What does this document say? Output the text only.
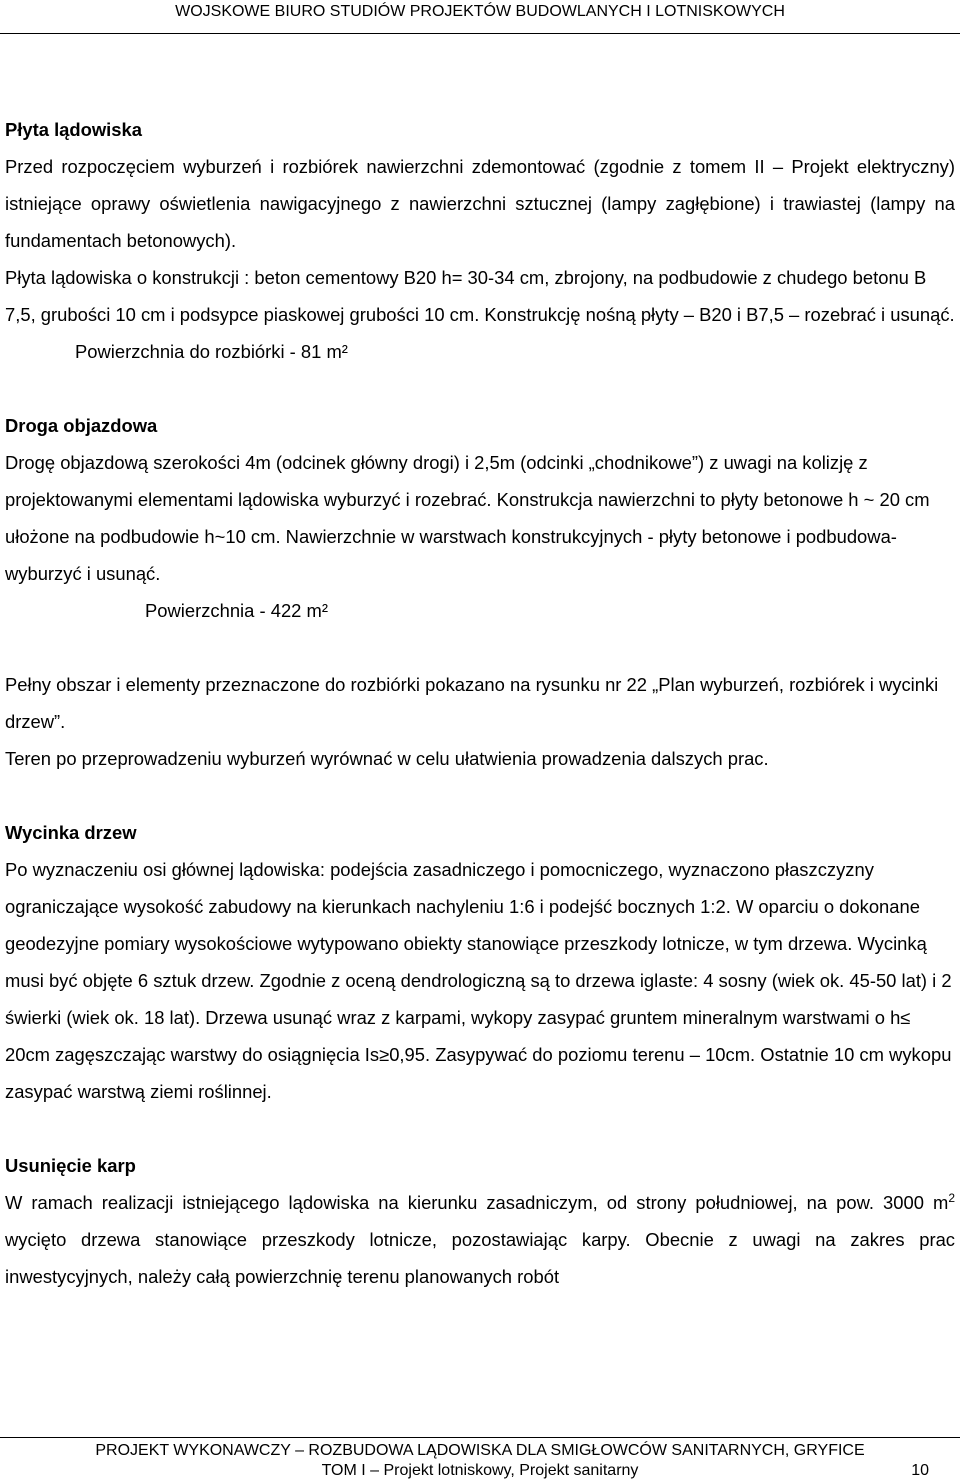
WOJSKOWE BIURO STUDIÓW PROJEKTÓW BUDOWLANYCH I LOTNISKOWYCH

Płyta lądowiska

Przed rozpoczęciem wyburzeń i rozbiórek nawierzchni zdemontować (zgodnie z tomem II – Projekt elektryczny) istniejące oprawy oświetlenia nawigacyjnego z nawierzchni sztucznej (lampy zagłębione) i trawiastej (lampy na fundamentach betonowych).

Płyta lądowiska o konstrukcji : beton cementowy B20 h= 30-34 cm, zbrojony, na podbudowie z chudego betonu B 7,5, grubości 10 cm i podsypce piaskowej grubości 10 cm. Konstrukcję nośną płyty – B20 i B7,5 – rozebrać i usunąć.

Powierzchnia do rozbiórki - 81 m²

Droga objazdowa

Drogę objazdową szerokości 4m (odcinek główny drogi) i 2,5m (odcinki „chodnikowe”) z uwagi na kolizję z projektowanymi elementami lądowiska wyburzyć i rozebrać. Konstrukcja nawierzchni to płyty betonowe h ~ 20 cm ułożone na podbudowie h~10 cm. Nawierzchnie w warstwach konstrukcyjnych - płyty betonowe i podbudowa- wyburzyć i usunąć.

Powierzchnia - 422 m²

Pełny obszar i elementy przeznaczone do rozbiórki pokazano na rysunku nr 22 „Plan wyburzeń, rozbiórek i wycinki drzew”.

Teren po przeprowadzeniu wyburzeń wyrównać w celu ułatwienia prowadzenia dalszych prac.

Wycinka drzew

Po wyznaczeniu osi głównej lądowiska: podejścia zasadniczego i pomocniczego, wyznaczono płaszczyzny ograniczające wysokość zabudowy na kierunkach nachyleniu 1:6 i podejść bocznych 1:2. W oparciu o dokonane geodezyjne pomiary wysokościowe wytypowano obiekty stanowiące przeszkody lotnicze, w tym drzewa. Wycinką musi być objęte 6 sztuk drzew. Zgodnie z oceną dendrologiczną są to drzewa iglaste: 4 sosny (wiek ok. 45-50 lat) i 2 świerki (wiek ok. 18 lat). Drzewa usunąć wraz z karpami, wykopy zasypać gruntem mineralnym warstwami o h≤ 20cm zagęszczając warstwy do osiągnięcia Is≥0,95. Zasypywać do poziomu terenu – 10cm. Ostatnie 10 cm wykopu zasypać warstwą ziemi roślinnej.

Usunięcie karp

W ramach realizacji istniejącego lądowiska na kierunku zasadniczym, od strony południowej, na pow. 3000 $m^2$ wycięto drzewa stanowiące przeszkody lotnicze, pozostawiając karpy. Obecnie z uwagi na zakres prac inwestycyjnych, należy całą powierzchnię terenu planowanych robót

PROJEKT WYKONAWCZY – ROZBUDOWA LĄDOWISKA DLA SMIGŁOWCÓW SANITARNYCH, GRYFICE
TOM I – Projekt lotniskowy, Projekt sanitarny	10
